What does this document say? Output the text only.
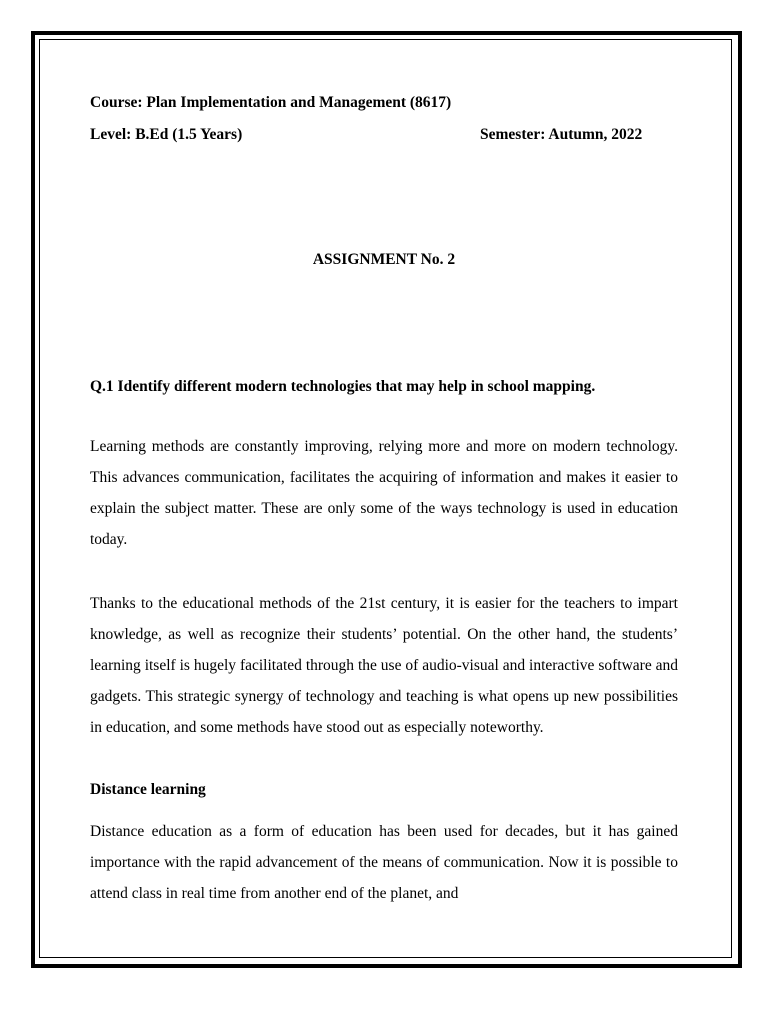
Course: Plan Implementation and Management (8617)
Level: B.Ed (1.5 Years)	Semester: Autumn, 2022
ASSIGNMENT No. 2
Q.1 Identify different modern technologies that may help in school mapping.
Learning methods are constantly improving, relying more and more on modern technology. This advances communication, facilitates the acquiring of information and makes it easier to explain the subject matter. These are only some of the ways technology is used in education today.
Thanks to the educational methods of the 21st century, it is easier for the teachers to impart knowledge, as well as recognize their students’ potential. On the other hand, the students’ learning itself is hugely facilitated through the use of audio-visual and interactive software and gadgets. This strategic synergy of technology and teaching is what opens up new possibilities in education, and some methods have stood out as especially noteworthy.
Distance learning
Distance education as a form of education has been used for decades, but it has gained importance with the rapid advancement of the means of communication. Now it is possible to attend class in real time from another end of the planet, and
